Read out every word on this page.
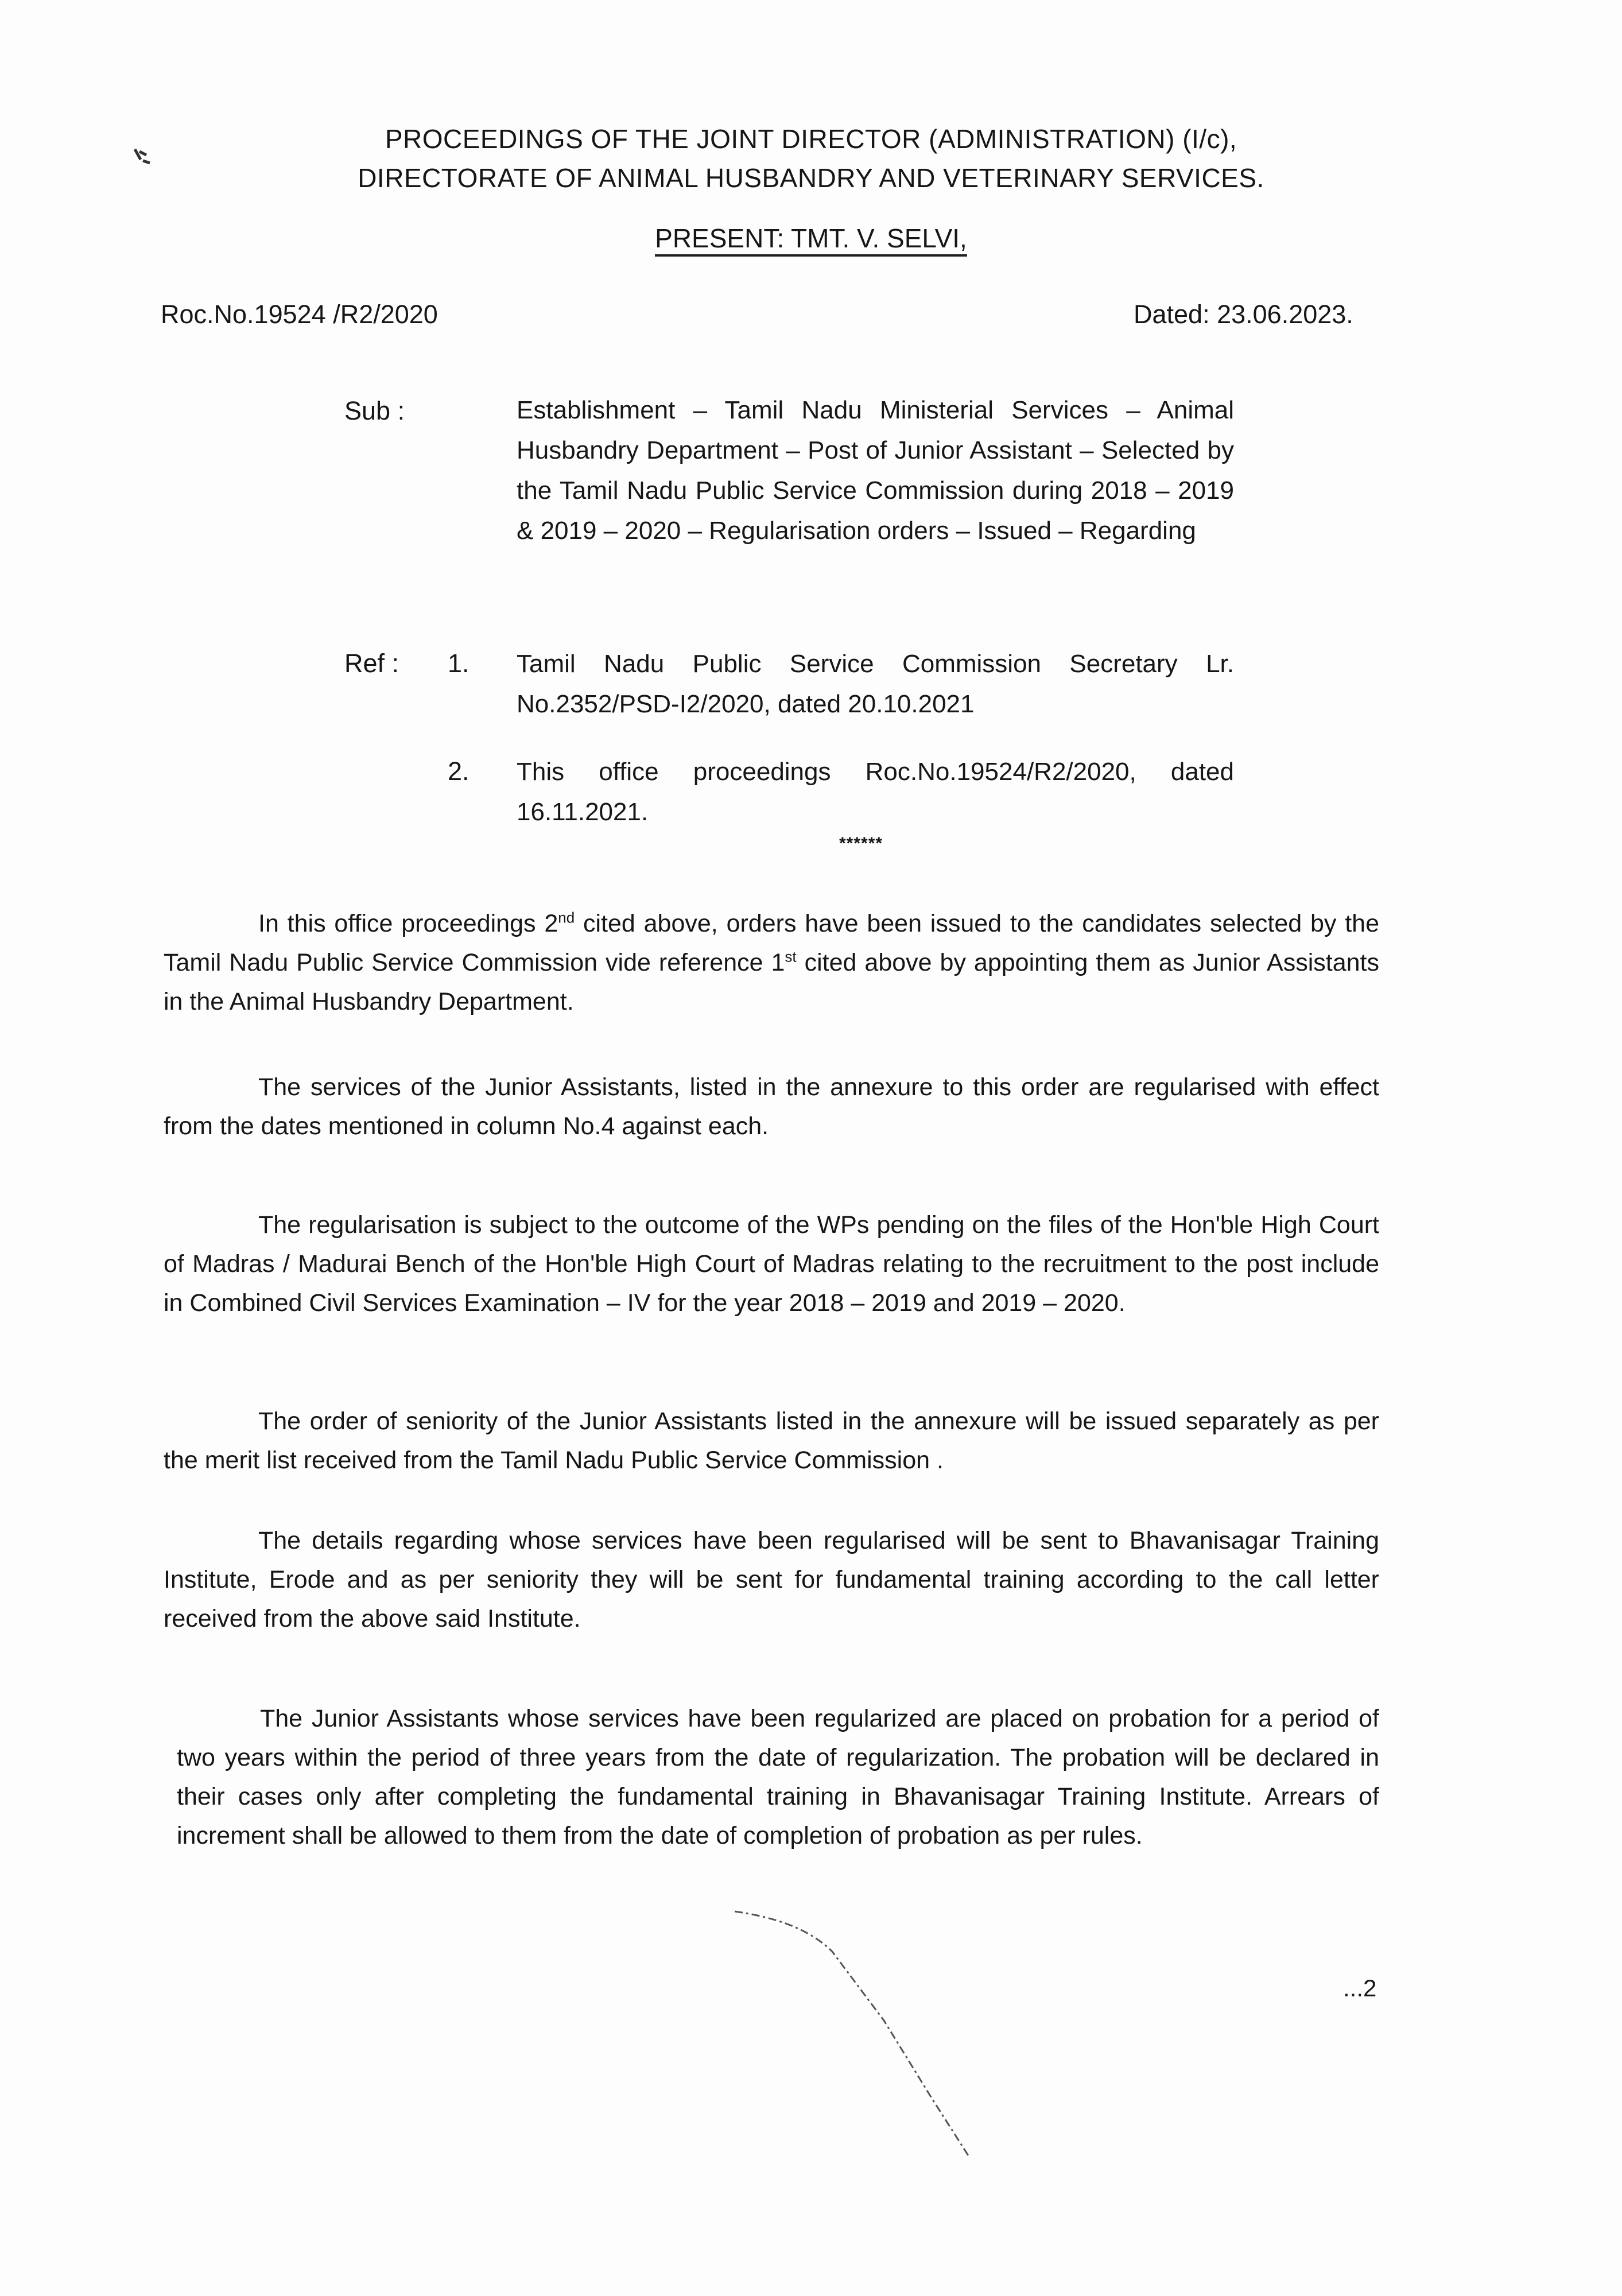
PROCEEDINGS OF THE JOINT DIRECTOR (ADMINISTRATION) (I/c),
DIRECTORATE OF ANIMAL HUSBANDRY AND VETERINARY SERVICES.
PRESENT: TMT. V. SELVI,
Roc.No.19524 /R2/2020	Dated: 23.06.2023.
Sub :	Establishment – Tamil Nadu Ministerial Services – Animal Husbandry Department – Post of Junior Assistant – Selected by the Tamil Nadu Public Service Commission during 2018 – 2019 & 2019 – 2020 – Regularisation orders – Issued – Regarding
Ref : 1. Tamil Nadu Public Service Commission Secretary Lr. No.2352/PSD-I2/2020, dated 20.10.2021
2. This office proceedings Roc.No.19524/R2/2020, dated 16.11.2021.
******
In this office proceedings 2nd cited above, orders have been issued to the candidates selected by the Tamil Nadu Public Service Commission vide reference 1st cited above by appointing them as Junior Assistants in the Animal Husbandry Department.
The services of the Junior Assistants, listed in the annexure to this order are regularised with effect from the dates mentioned in column No.4 against each.
The regularisation is subject to the outcome of the WPs pending on the files of the Hon'ble High Court of Madras / Madurai Bench of the Hon'ble High Court of Madras relating to the recruitment to the post include in Combined Civil Services Examination – IV for the year 2018 – 2019 and 2019 – 2020.
The order of seniority of the Junior Assistants listed in the annexure will be issued separately as per the merit list received from the Tamil Nadu Public Service Commission .
The details regarding whose services have been regularised will be sent to Bhavanisagar Training Institute, Erode and as per seniority they will be sent for fundamental training according to the call letter received from the above said Institute.
The Junior Assistants whose services have been regularized are placed on probation for a period of two years within the period of three years from the date of regularization. The probation will be declared in their cases only after completing the fundamental training in Bhavanisagar Training Institute. Arrears of increment shall be allowed to them from the date of completion of probation as per rules.
...2
